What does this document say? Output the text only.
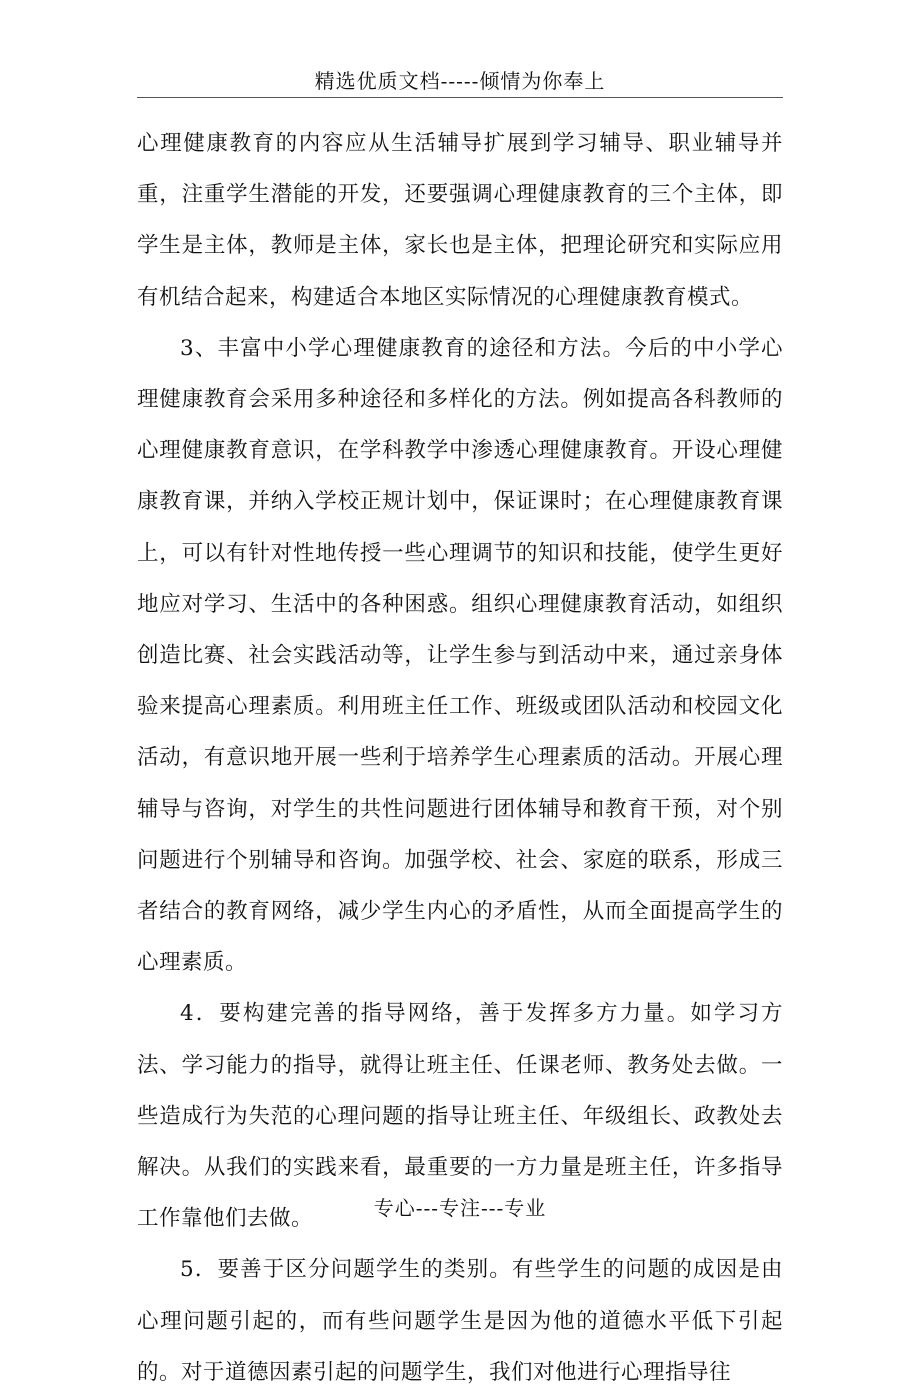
精选优质文档-----倾情为你奉上

心理健康教育的内容应从生活辅导扩展到学习辅导、职业辅导并重，注重学生潜能的开发，还要强调心理健康教育的三个主体，即学生是主体，教师是主体，家长也是主体，把理论研究和实际应用有机结合起来，构建适合本地区实际情况的心理健康教育模式。

3、丰富中小学心理健康教育的途径和方法。今后的中小学心理健康教育会采用多种途径和多样化的方法。例如提高各科教师的心理健康教育意识，在学科教学中渗透心理健康教育。开设心理健康教育课，并纳入学校正规计划中，保证课时；在心理健康教育课上，可以有针对性地传授一些心理调节的知识和技能，使学生更好地应对学习、生活中的各种困惑。组织心理健康教育活动，如组织创造比赛、社会实践活动等，让学生参与到活动中来，通过亲身体验来提高心理素质。利用班主任工作、班级或团队活动和校园文化活动，有意识地开展一些利于培养学生心理素质的活动。开展心理辅导与咨询，对学生的共性问题进行团体辅导和教育干预，对个别问题进行个别辅导和咨询。加强学校、社会、家庭的联系，形成三者结合的教育网络，减少学生内心的矛盾性，从而全面提高学生的心理素质。

4．要构建完善的指导网络，善于发挥多方力量。如学习方法、学习能力的指导，就得让班主任、任课老师、教务处去做。一些造成行为失范的心理问题的指导让班主任、年级组长、政教处去解决。从我们的实践来看，最重要的一方力量是班主任，许多指导工作靠他们去做。

5．要善于区分问题学生的类别。有些学生的问题的成因是由心理问题引起的，而有些问题学生是因为他的道德水平低下引起的。对于道德因素引起的问题学生，我们对他进行心理指导往

专心---专注---专业
